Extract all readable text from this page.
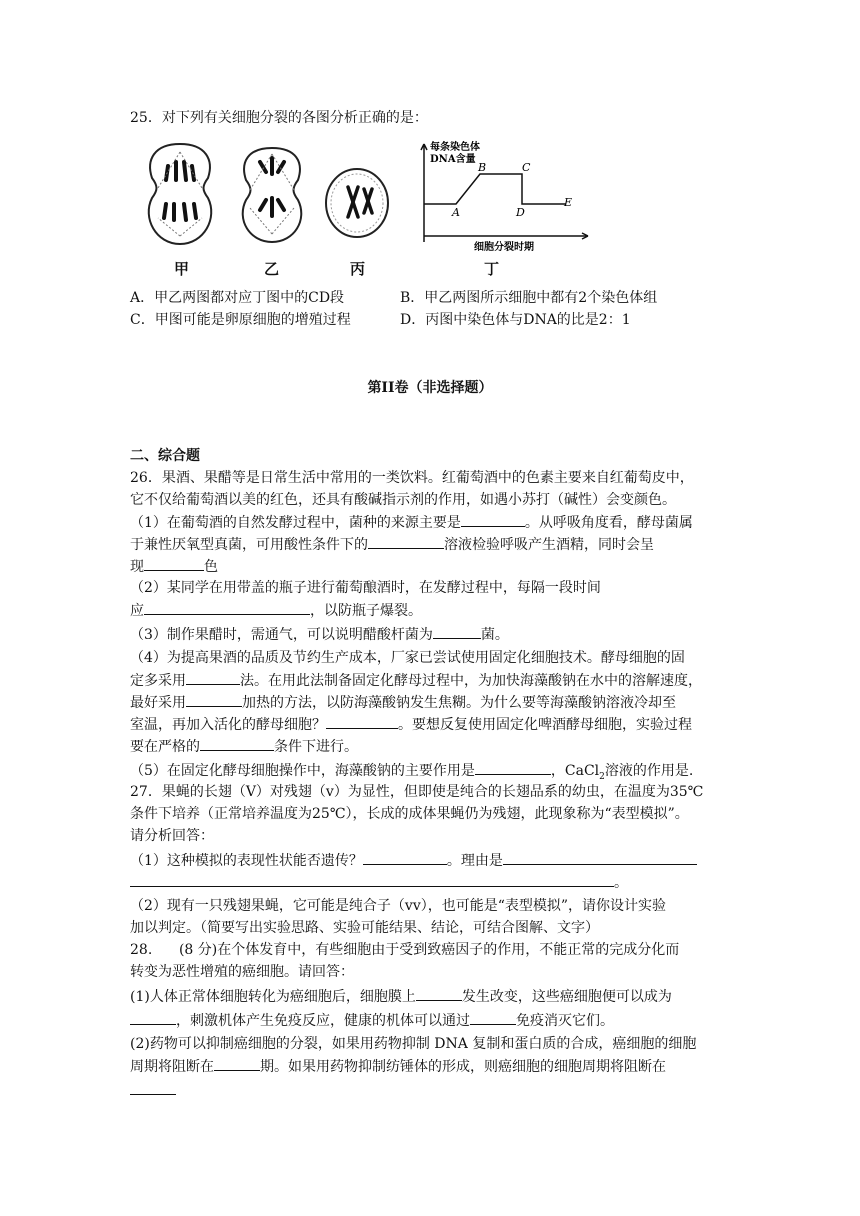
25．对下列有关细胞分裂的各图分析正确的是：
每条染色体
DNA含量
A
B	C
D
E
细胞分裂时期
甲	乙	丙	丁
A．甲乙两图都对应丁图中的CD段	B．甲乙两图所示细胞中都有2个染色体组
C．甲图可能是卵原细胞的增殖过程	D．丙图中染色体与DNA的比是2：1
第II卷（非选择题）
二、综合题
26．果酒、果醋等是日常生活中常用的一类饮料。红葡萄酒中的色素主要来自红葡萄皮中，
它不仅给葡萄酒以美的红色，还具有酸碱指示剂的作用，如遇小苏打（碱性）会变颜色。
（1）在葡萄酒的自然发酵过程中，菌种的来源主要是	。从呼吸角度看，酵母菌属
于兼性厌氧型真菌，可用酸性条件下的	溶液检验呼吸产生酒精，同时会呈
现	色
（2）某同学在用带盖的瓶子进行葡萄酿酒时，在发酵过程中，每隔一段时间
应	，以防瓶子爆裂。
（3）制作果醋时，需通气，可以说明醋酸杆菌为	菌。
（4）为提高果酒的品质及节约生产成本，厂家已尝试使用固定化细胞技术。酵母细胞的固
定多采用	法。在用此法制备固定化酵母过程中，为加快海藻酸钠在水中的溶解速度，
最好采用	加热的方法，以防海藻酸钠发生焦糊。为什么要等海藻酸钠溶液冷却至
室温，再加入活化的酵母细胞？	。要想反复使用固定化啤酒酵母细胞，实验过程
要在严格的	条件下进行。
（5）在固定化酵母细胞操作中，海藻酸钠的主要作用是	，CaCl$_2$溶液的作用是.
27．果蝇的长翅（V）对残翅（v）为显性，但即使是纯合的长翅品系的幼虫，在温度为35℃
条件下培养（正常培养温度为25℃），长成的成体果蝇仍为残翅，此现象称为“表型模拟”。
请分析回答：
（1）这种模拟的表现性状能否遗传？	。理由是
。
（2）现有一只残翅果蝇，它可能是纯合子（vv），也可能是“表型模拟”，请你设计实验
加以判定。（简要写出实验思路、实验可能结果、结论，可结合图解、文字）
28.      (8 分)在个体发育中，有些细胞由于受到致癌因子的作用，不能正常的完成分化而
转变为恶性增殖的癌细胞。请回答：
(1)人体正常体细胞转化为癌细胞后，细胞膜上	发生改变，这些癌细胞便可以成为
，刺激机体产生免疫反应，健康的机体可以通过	免疫消灭它们。
(2)药物可以抑制癌细胞的分裂，如果用药物抑制 DNA 复制和蛋白质的合成，癌细胞的细胞
周期将阻断在	期。如果用药物抑制纺锤体的形成，则癌细胞的细胞周期将阻断在
